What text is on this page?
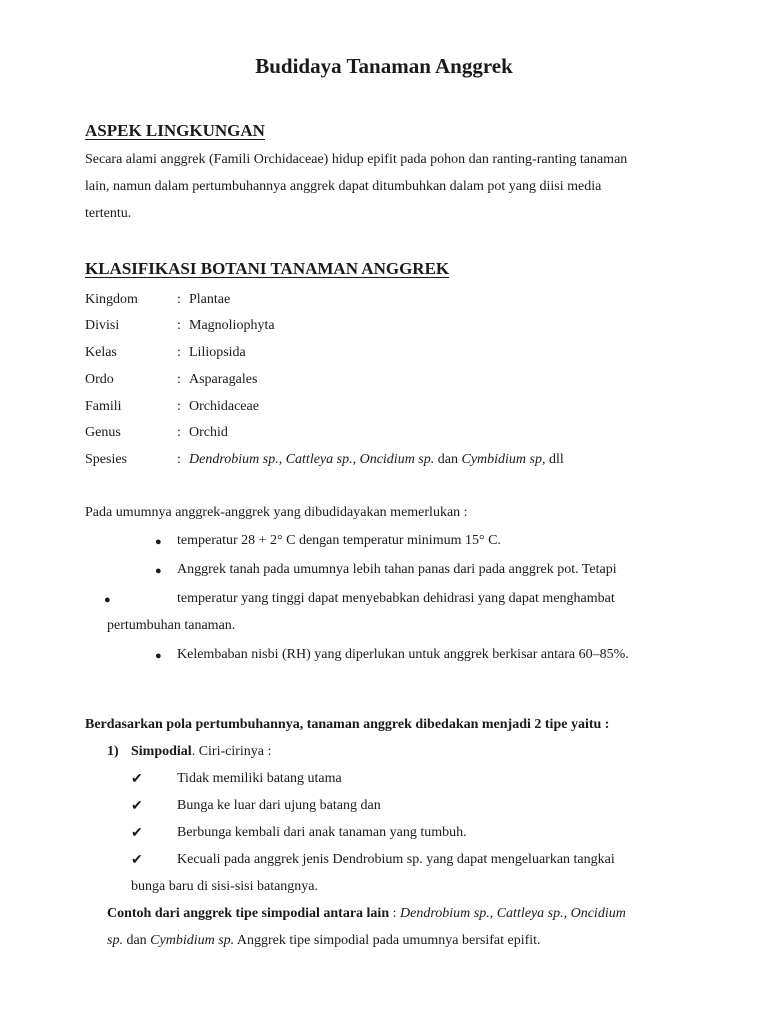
Budidaya Tanaman Anggrek
ASPEK LINGKUNGAN
Secara alami anggrek (Famili Orchidaceae) hidup epifit pada pohon dan ranting-ranting tanaman
lain, namun dalam pertumbuhannya anggrek dapat ditumbuhkan dalam pot yang diisi media
tertentu.
KLASIFIKASI BOTANI TANAMAN ANGGREK
Kingdom	: Plantae
Divisi	: Magnoliophyta
Kelas	: Liliopsida
Ordo	: Asparagales
Famili	: Orchidaceae
Genus	: Orchid
Spesies	: Dendrobium sp., Cattleya sp., Oncidium sp. dan Cymbidium sp, dll
Pada umumnya anggrek-anggrek yang dibudidayakan memerlukan :
● temperatur 28 + 2° C dengan temperatur minimum 15° C.
● Anggrek tanah pada umumnya lebih tahan panas dari pada anggrek pot. Tetapi
●	temperatur yang tinggi dapat menyebabkan dehidrasi yang dapat menghambat
pertumbuhan tanaman.
● Kelembaban nisbi (RH) yang diperlukan untuk anggrek berkisar antara 60–85%.
Berdasarkan pola pertumbuhannya, tanaman anggrek dibedakan menjadi 2 tipe yaitu :
1) Simpodial. Ciri-cirinya :
✔ Tidak memiliki batang utama
✔ Bunga ke luar dari ujung batang dan
✔ Berbunga kembali dari anak tanaman yang tumbuh.
✔ Kecuali pada anggrek jenis Dendrobium sp. yang dapat mengeluarkan tangkai
bunga baru di sisi-sisi batangnya.
Contoh dari anggrek tipe simpodial antara lain : Dendrobium sp., Cattleya sp., Oncidium
sp. dan Cymbidium sp. Anggrek tipe simpodial pada umumnya bersifat epifit.
